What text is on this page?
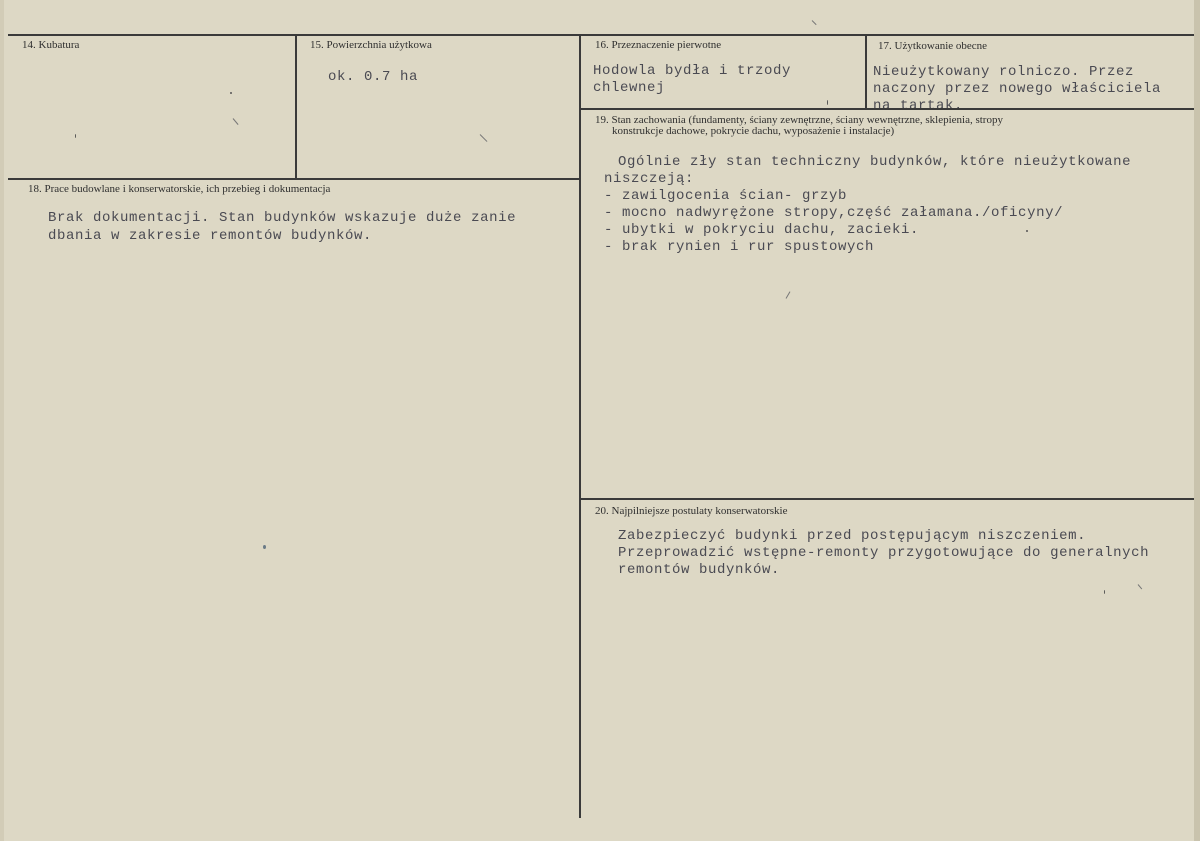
14. Kubatura	15. Powierzchnia użytkowa
ok. 0.7 ha
16. Przeznaczenie pierwotne
Hodowla bydła i trzody
chlewnej
17. Użytkowanie obecne
Nieużytkowany rolniczo. Przez
naczony przez nowego właściciela
na tartak.
18. Prace budowlane i konserwatorskie, ich przebieg i dokumentacja
Brak dokumentacji. Stan budynków wskazuje duże zanie
dbania w zakresie remontów budynków.
19. Stan zachowania (fundamenty, ściany zewnętrzne, ściany wewnętrzne, sklepienia, stropy
konstrukcje dachowe, pokrycie dachu, wyposażenie i instalacje)
Ogólnie zły stan techniczny budynków, które nieużytkowane
niszczeją:
- zawilgocenia ścian- grzyb
- mocno nadwyrężone stropy,część załamana./oficyny/
- ubytki w pokryciu dachu, zacieki.
- brak rynien i rur spustowych
20. Najpilniejsze postulaty konserwatorskie
Zabezpieczyć budynki przed postępującym niszczeniem.
Przeprowadzić wstępne-remonty przygotowujące do generalnych
remontów budynków.
